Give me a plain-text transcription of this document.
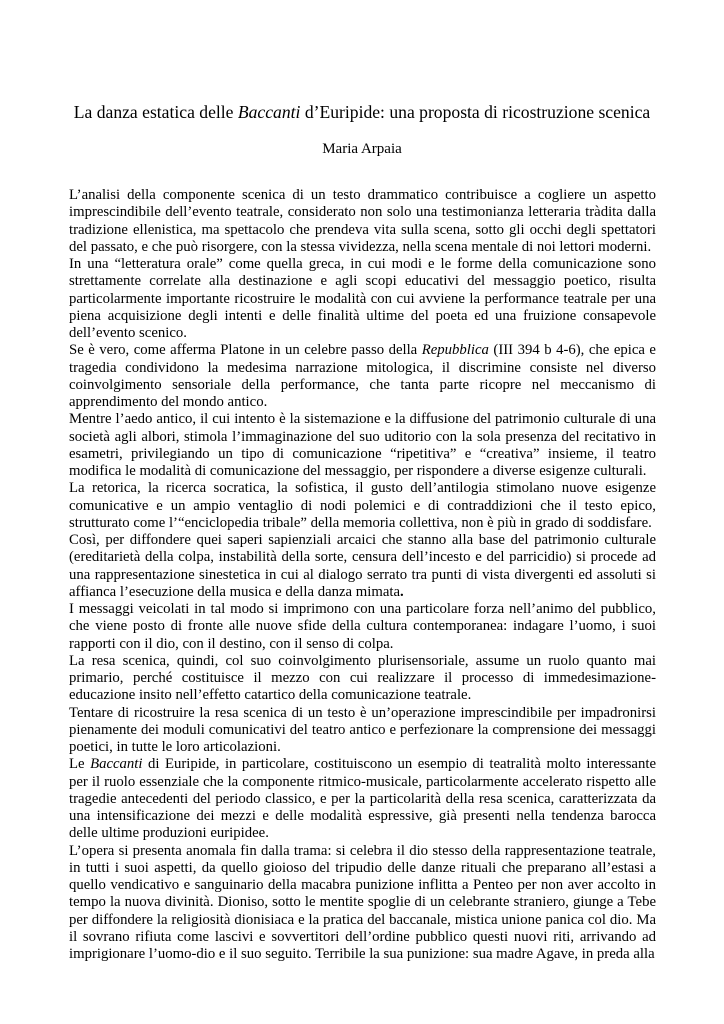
La danza estatica delle Baccanti d’Euripide: una proposta di ricostruzione scenica
Maria Arpaia

L’analisi della componente scenica di un testo drammatico contribuisce a cogliere un aspetto imprescindibile dell’evento teatrale, considerato non solo una testimonianza letteraria tràdita dalla tradizione ellenistica, ma spettacolo che prendeva vita sulla scena, sotto gli occhi degli spettatori del passato, e che può risorgere, con la stessa vividezza, nella scena mentale di noi lettori moderni.

In una “letteratura orale” come quella greca, in cui modi e le forme della comunicazione sono strettamente correlate alla destinazione e agli scopi educativi del messaggio poetico, risulta particolarmente importante ricostruire le modalità con cui avviene la performance teatrale per una piena acquisizione degli intenti e delle finalità ultime del poeta ed una fruizione consapevole dell’evento scenico.

Se è vero, come afferma Platone in un celebre passo della Repubblica (III 394 b 4-6), che epica e tragedia condividono la medesima narrazione mitologica, il discrimine consiste nel diverso coinvolgimento sensoriale della performance, che tanta parte ricopre nel meccanismo di apprendimento del mondo antico.

Mentre l’aedo antico, il cui intento è la sistemazione e la diffusione del patrimonio culturale di una società agli albori, stimola l’immaginazione del suo uditorio con la sola presenza del recitativo in esametri, privilegiando un tipo di comunicazione “ripetitiva” e “creativa” insieme, il teatro modifica le modalità di comunicazione del messaggio, per rispondere a diverse esigenze culturali.

La retorica, la ricerca socratica, la sofistica, il gusto dell’antilogia stimolano nuove esigenze comunicative e un ampio ventaglio di nodi polemici e di contraddizioni che il testo epico, strutturato come l’“enciclopedia tribale” della memoria collettiva, non è più in grado di soddisfare.

Così, per diffondere quei saperi sapienziali arcaici che stanno alla base del patrimonio culturale (ereditarietà della colpa, instabilità della sorte, censura dell’incesto e del parricidio) si procede ad una rappresentazione sinestetica in cui al dialogo serrato tra punti di vista divergenti ed assoluti si affianca l’esecuzione della musica e della danza mimata.

I messaggi veicolati in tal modo si imprimono con una particolare forza nell’animo del pubblico, che viene posto di fronte alle nuove sfide della cultura contemporanea: indagare l’uomo, i suoi rapporti con il dio, con il destino, con il senso di colpa.

La resa scenica, quindi, col suo coinvolgimento plurisensoriale, assume un ruolo quanto mai primario, perché costituisce il mezzo con cui realizzare il processo di immedesimazione-educazione insito nell’effetto catartico della comunicazione teatrale.

Tentare di ricostruire la resa scenica di un testo è un’operazione imprescindibile per impadronirsi pienamente dei moduli comunicativi del teatro antico e perfezionare la comprensione dei messaggi poetici, in tutte le loro articolazioni.

Le Baccanti di Euripide, in particolare, costituiscono un esempio di teatralità molto interessante per il ruolo essenziale che la componente ritmico-musicale, particolarmente accelerato rispetto alle tragedie antecedenti del periodo classico, e per la particolarità della resa scenica, caratterizzata da una intensificazione dei mezzi e delle modalità espressive, già presenti nella tendenza barocca delle ultime produzioni euripidee.

L’opera si presenta anomala fin dalla trama: si celebra il dio stesso della rappresentazione teatrale, in tutti i suoi aspetti, da quello gioioso del tripudio delle danze rituali che preparano all’estasi a quello vendicativo e sanguinario della macabra punizione inflitta a Penteo per non aver accolto in tempo la nuova divinità. Dioniso, sotto le mentite spoglie di un celebrante straniero, giunge a Tebe per diffondere la religiosità dionisiaca e la pratica del baccanale, mistica unione panica col dio. Ma il sovrano rifiuta come lascivi e sovvertitori dell’ordine pubblico questi nuovi riti, arrivando ad imprigionare l’uomo-dio e il suo seguito. Terribile la sua punizione: sua madre Agave, in preda alla
